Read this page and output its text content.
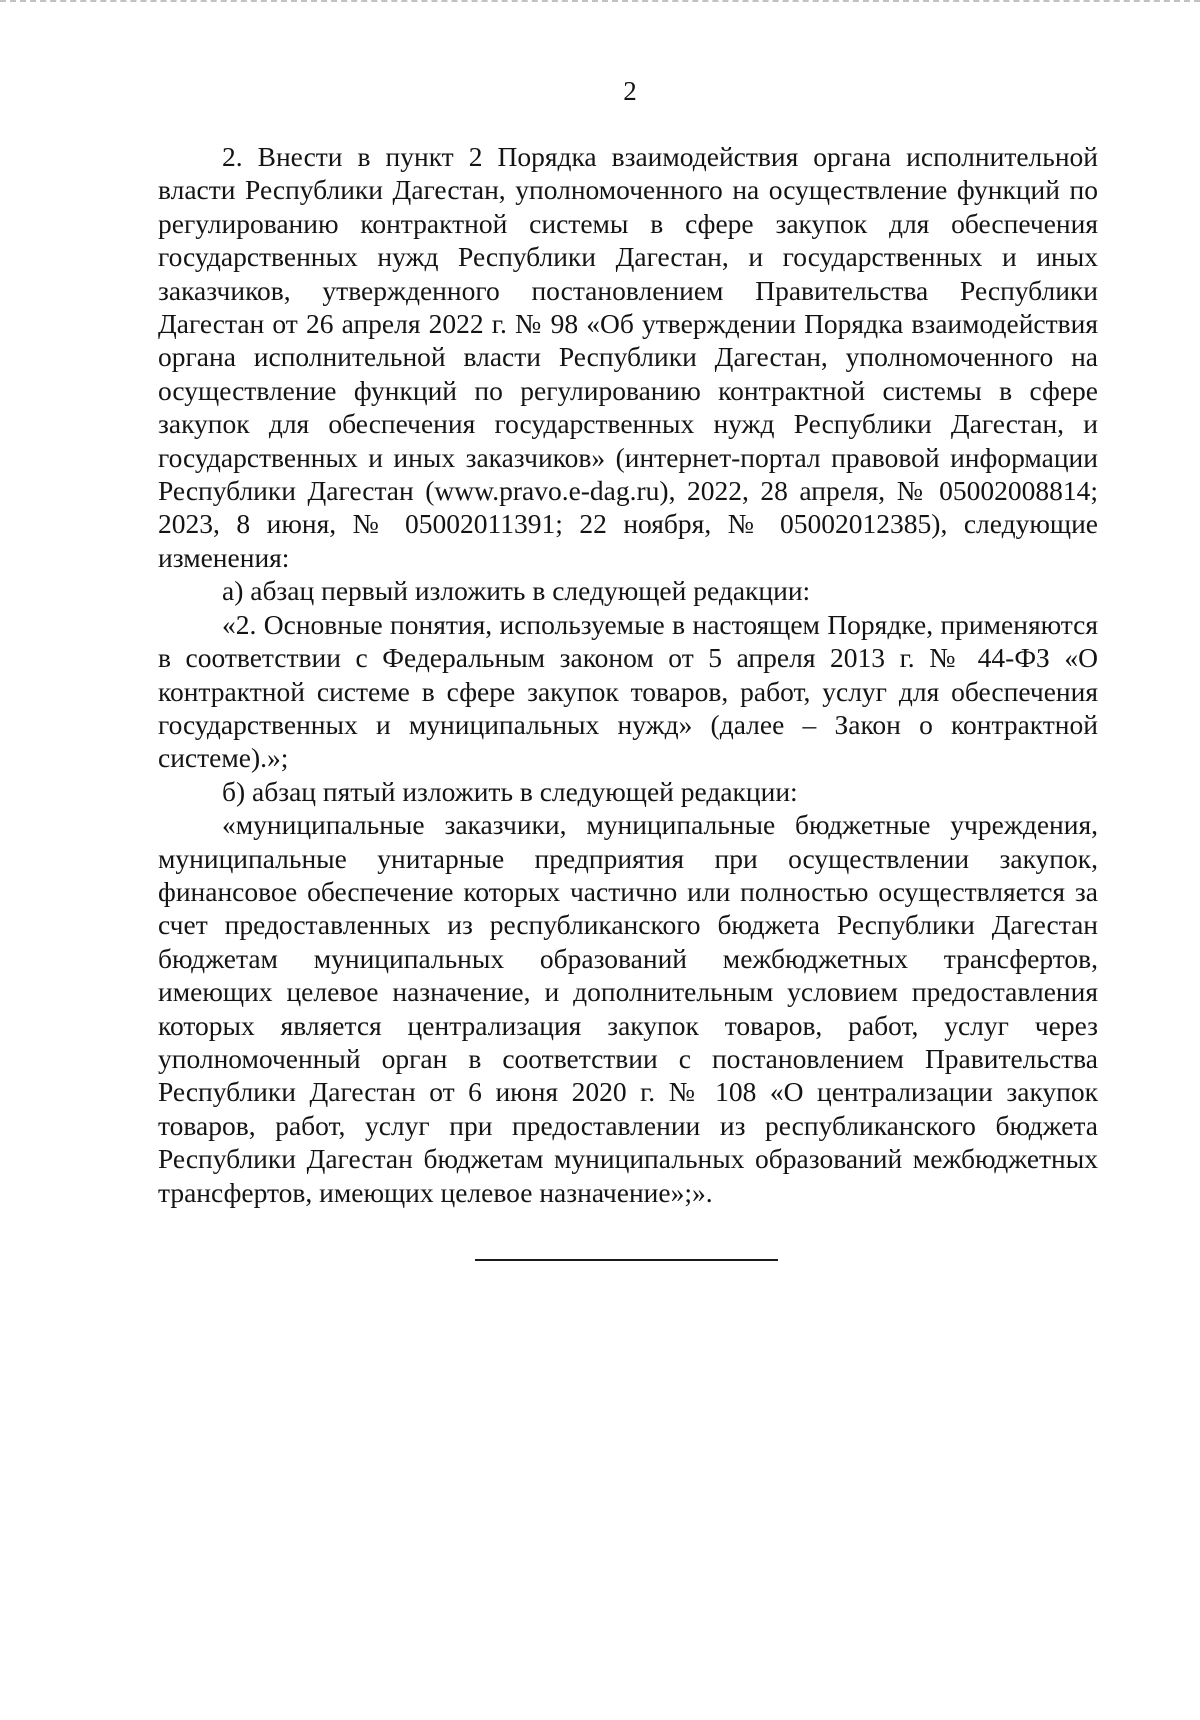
2

2. Внести в пункт 2 Порядка взаимодействия органа исполнительной власти Республики Дагестан, уполномоченного на осуществление функций по регулированию контрактной системы в сфере закупок для обеспечения государственных нужд Республики Дагестан, и государственных и иных заказчиков, утвержденного постановлением Правительства Республики Дагестан от 26 апреля 2022 г. № 98 «Об утверждении Порядка взаимодействия органа исполнительной власти Республики Дагестан, уполномоченного на осуществление функций по регулированию контрактной системы в сфере закупок для обеспечения государственных нужд Республики Дагестан, и государственных и иных заказчиков» (интернет-портал правовой информации Республики Дагестан (www.pravo.e-dag.ru), 2022, 28 апреля, № 05002008814; 2023, 8 июня, № 05002011391; 22 ноября, № 05002012385), следующие изменения:

а) абзац первый изложить в следующей редакции:

«2. Основные понятия, используемые в настоящем Порядке, применяются в соответствии с Федеральным законом от 5 апреля 2013 г. № 44-ФЗ «О контрактной системе в сфере закупок товаров, работ, услуг для обеспечения государственных и муниципальных нужд» (далее – Закон о контрактной системе).»;

б) абзац пятый изложить в следующей редакции:

«муниципальные заказчики, муниципальные бюджетные учреждения, муниципальные унитарные предприятия при осуществлении закупок, финансовое обеспечение которых частично или полностью осуществляется за счет предоставленных из республиканского бюджета Республики Дагестан бюджетам муниципальных образований межбюджетных трансфертов, имеющих целевое назначение, и дополнительным условием предоставления которых является централизация закупок товаров, работ, услуг через уполномоченный орган в соответствии с постановлением Правительства Республики Дагестан от 6 июня 2020 г. № 108 «О централизации закупок товаров, работ, услуг при предоставлении из республиканского бюджета Республики Дагестан бюджетам муниципальных образований межбюджетных трансфертов, имеющих целевое назначение»;».
